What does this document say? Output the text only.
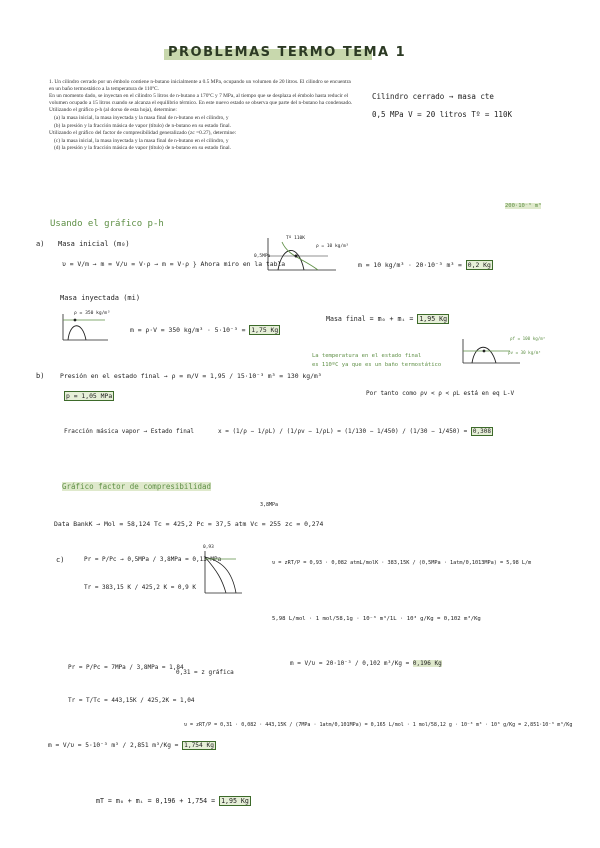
PROBLEMAS TERMO TEMA 1

1. Un cilindro cerrado por un émbolo contiene n-butano inicialmente a 0.5 MPa, ocupando un volumen de 20 litros. El cilindro se encuentra en un baño termostático a la temperatura de 110ºC.

En un momento dado, se inyectan en el cilindro 5 litros de n-butano a 170ºC y 7 MPa, al tiempo que se desplaza el émbolo hasta reducir el volumen ocupado a 15 litros cuando se alcanza el equilibrio térmico. En este nuevo estado se observa que parte del n-butano ha condensado.

Utilizando el gráfico p-h (al dorso de esta hoja), determine:

(a) la masa inicial, la masa inyectada y la masa final de n-butano en el cilindro, y

(b) la presión y la fracción másica de vapor (título) de n-butano en su estado final.

Utilizando el gráfico del factor de compresibilidad generalizado (zc =0.27), determine:

(c) la masa inicial, la masa inyectada y la masa final de n-butano en el cilindro, y

(d) la presión y la fracción másica de vapor (título) de n-butano en su estado final.

Cilindro cerrado → masa cte
0,5 MPa V = 20 litros Tº = 110K
200·10⁻³ m³
Usando el gráfico p-h
a) Masa inicial (m₀)
υ = V/m → m = V/υ = V·ρ → m = V·ρ } Ahora miro en la tabla
Tº 110K
0,5MPa
ρ = 10 kg/m³
m = 10 kg/m³ · 20·10⁻³ m³ = 0,2 Kg
Masa inyectada (mi)
ρ = 350 kg/m³
m = ρ·V = 350 kg/m³ · 5·10⁻³ = 1,75 Kg
Masa final = m₀ + mᵢ = 1,95 Kg
La temperatura en el estado final
es 110ºC ya que es un baño termostático
ρf = 100 kg/m³
ρv = 30 kg/m³
Por tanto como ρv < ρ < ρL está en eq L-V
b) Presión en el estado final → ρ = m/V = 1,95 / 15·10⁻³ m³ = 130 kg/m³
p = 1,05 MPa
Fracción másica vapor → Estado final	x = (1/ρ − 1/ρL) / (1/ρv − 1/ρL) = (1/130 − 1/450) / (1/30 − 1/450) = 0,308
Gráfico factor de compresibilidad
3,8MPa
Data BankK → Mol = 58,124 Tc = 425,2 Pc = 37,5 atm Vc = 255 zc = 0,274
c)	Pr = P/Pc → 0,5MPa / 3,8MPa = 0,13 MPa
Tr = 383,15 K / 425,2 K = 0,9 K
0,93
υ = zRT/P = 0,93 · 0,082 atmL/molK · 383,15K / (0,5MPa · 1atm/0,1013MPa) = 5,98 L/m
5,98 L/mol · 1 mol/58,1g · 10⁻³ m³/1L · 10³ g/Kg = 0,102 m³/Kg
m = V/υ = 20·10⁻³ / 0,102 m³/Kg = 0,196 Kg
Pr = P/Pc = 7MPa / 3,8MPa = 1,84
Tr = T/Tc = 443,15K / 425,2K = 1,04
0,31 = z gráfica
υ = zRT/P = 0,31 · 0,082 · 443,15K / (7MPa · 1atm/0,101MPa) = 0,165 L/mol · 1 mol/58,12 g · 10⁻³ m³ · 10³ g/Kg = 2,851·10⁻³ m³/Kg
m = V/υ = 5·10⁻³ m³ / 2,851 m³/Kg = 1,754 Kg
mT = m₀ + mᵢ = 0,196 + 1,754 = 1,95 Kg
